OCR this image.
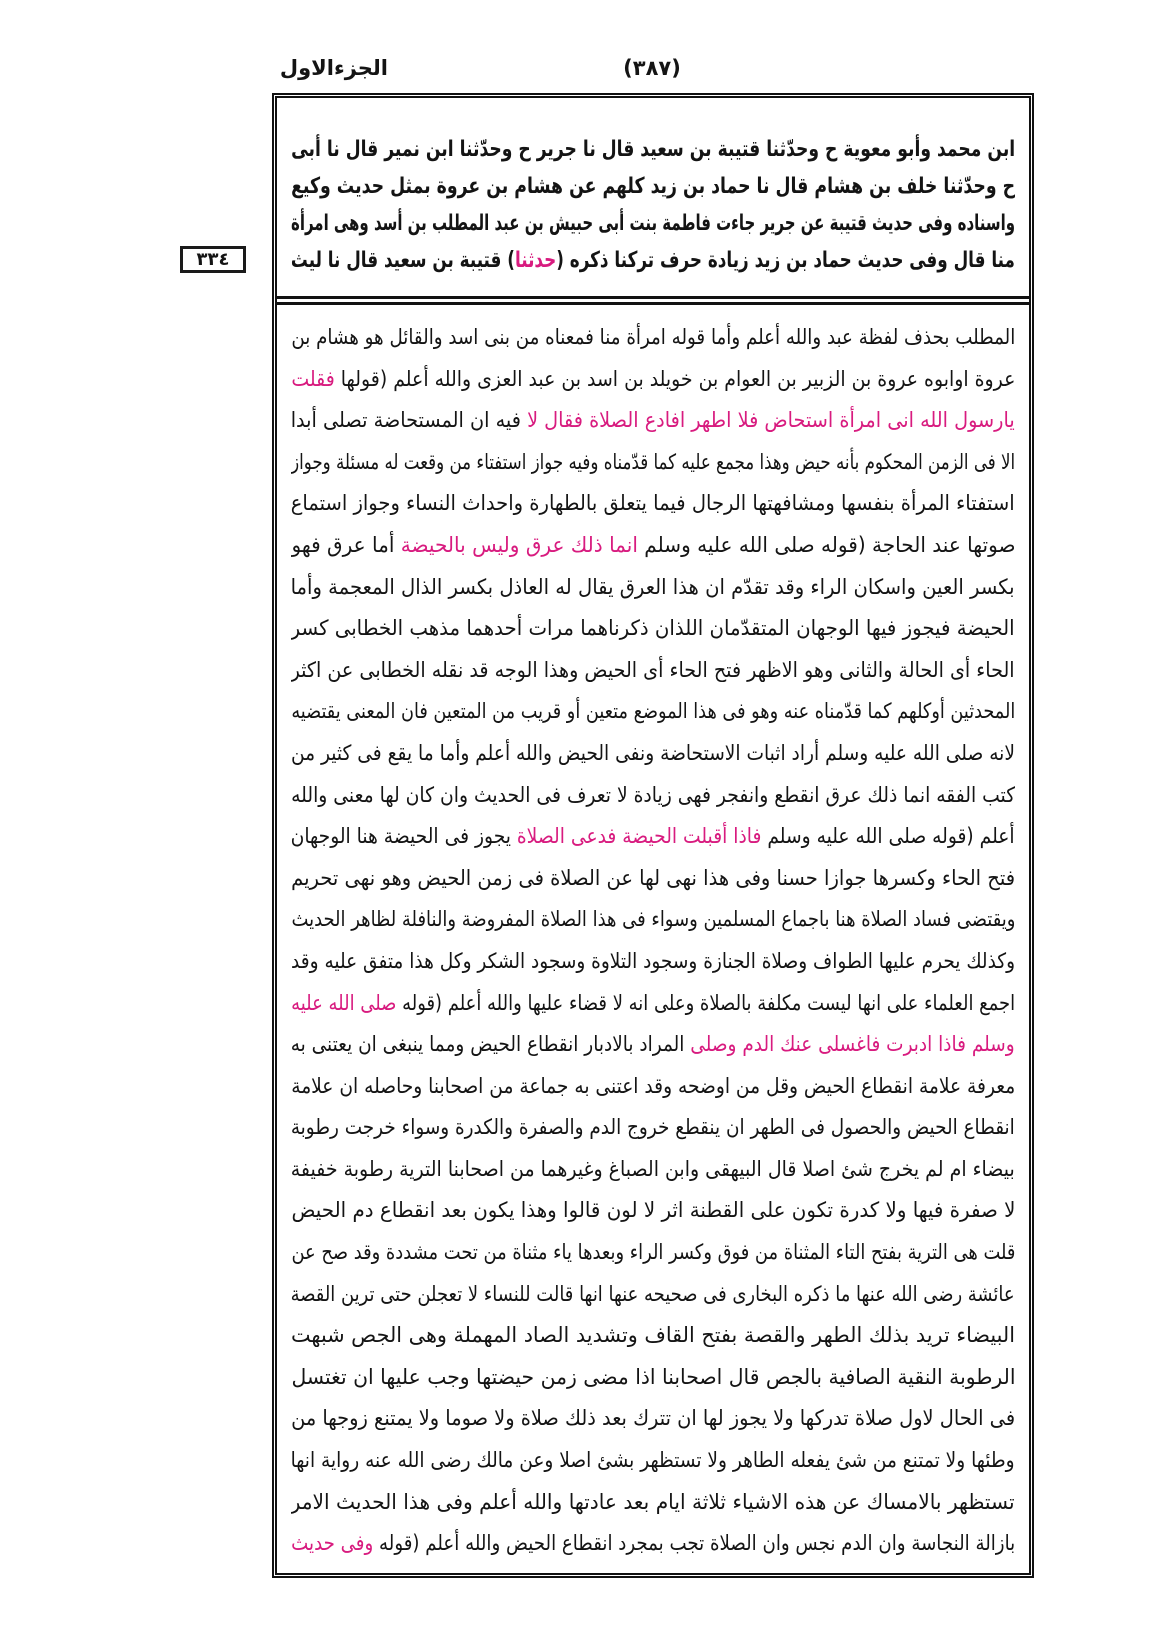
الجزءالاول	(٣٨٧)
٣٣٤
ابن محمد وأبو معوية ح وحدّثنا قتيبة بن سعيد قال نا جرير ح وحدّثنا ابن نمير قال نا أبى
ح وحدّثنا خلف بن هشام قال نا حماد بن زيد كلهم عن هشام بن عروة بمثل حديث وكيع
واسناده وفى حديث قتيبة عن جرير جاءت فاطمة بنت أبى حبيش بن عبد المطلب بن أسد وهى امرأة
منا قال وفى حديث حماد بن زيد زيادة حرف تركنا ذكره (حدثنا) قتيبة بن سعيد قال نا ليث
المطلب بحذف لفظة عبد والله أعلم وأما قوله امرأة منا فمعناه من بنى اسد والقائل هو هشام بن
عروة اوابوه عروة بن الزبير بن العوام بن خويلد بن اسد بن عبد العزى والله أعلم (قولها فقلت
يارسول الله انى امرأة استحاض فلا اطهر افادع الصلاة فقال لا فيه ان المستحاضة تصلى أبدا
الا فى الزمن المحكوم بأنه حيض وهذا مجمع عليه كما قدّمناه وفيه جواز استفتاء من وقعت له مسئلة وجواز
استفتاء المرأة بنفسها ومشافهتها الرجال فيما يتعلق بالطهارة واحداث النساء وجواز استماع
صوتها عند الحاجة (قوله صلى الله عليه وسلم انما ذلك عرق وليس بالحيضة أما عرق فهو
بكسر العين واسكان الراء وقد تقدّم ان هذا العرق يقال له العاذل بكسر الذال المعجمة وأما
الحيضة فيجوز فيها الوجهان المتقدّمان اللذان ذكرناهما مرات أحدهما مذهب الخطابى كسر
الحاء أى الحالة والثانى وهو الاظهر فتح الحاء أى الحيض وهذا الوجه قد نقله الخطابى عن اكثر
المحدثين أوكلهم كما قدّمناه عنه وهو فى هذا الموضع متعين أو قريب من المتعين فان المعنى يقتضيه
لانه صلى الله عليه وسلم أراد اثبات الاستحاضة ونفى الحيض والله أعلم وأما ما يقع فى كثير من
كتب الفقه انما ذلك عرق انقطع وانفجر فهى زيادة لا تعرف فى الحديث وان كان لها معنى والله
أعلم (قوله صلى الله عليه وسلم فاذا أقبلت الحيضة فدعى الصلاة يجوز فى الحيضة هنا الوجهان
فتح الحاء وكسرها جوازا حسنا وفى هذا نهى لها عن الصلاة فى زمن الحيض وهو نهى تحريم
ويقتضى فساد الصلاة هنا باجماع المسلمين وسواء فى هذا الصلاة المفروضة والنافلة لظاهر الحديث
وكذلك يحرم عليها الطواف وصلاة الجنازة وسجود التلاوة وسجود الشكر وكل هذا متفق عليه وقد
اجمع العلماء على انها ليست مكلفة بالصلاة وعلى انه لا قضاء عليها والله أعلم (قوله صلى الله عليه
وسلم فاذا ادبرت فاغسلى عنك الدم وصلى المراد بالادبار انقطاع الحيض ومما ينبغى ان يعتنى به
معرفة علامة انقطاع الحيض وقل من اوضحه وقد اعتنى به جماعة من اصحابنا وحاصله ان علامة
انقطاع الحيض والحصول فى الطهر ان ينقطع خروج الدم والصفرة والكدرة وسواء خرجت رطوبة
بيضاء ام لم يخرج شئ اصلا قال البيهقى وابن الصباغ وغيرهما من اصحابنا الترية رطوبة خفيفة
لا صفرة فيها ولا كدرة تكون على القطنة اثر لا لون قالوا وهذا يكون بعد انقطاع دم الحيض
قلت هى الترية بفتح التاء المثناة من فوق وكسر الراء وبعدها ياء مثناة من تحت مشددة وقد صح عن
عائشة رضى الله عنها ما ذكره البخارى فى صحيحه عنها انها قالت للنساء لا تعجلن حتى ترين القصة
البيضاء تريد بذلك الطهر والقصة بفتح القاف وتشديد الصاد المهملة وهى الجص شبهت
الرطوبة النقية الصافية بالجص قال اصحابنا اذا مضى زمن حيضتها وجب عليها ان تغتسل
فى الحال لاول صلاة تدركها ولا يجوز لها ان تترك بعد ذلك صلاة ولا صوما ولا يمتنع زوجها من
وطئها ولا تمتنع من شئ يفعله الطاهر ولا تستظهر بشئ اصلا وعن مالك رضى الله عنه رواية انها
تستظهر بالامساك عن هذه الاشياء ثلاثة ايام بعد عادتها والله أعلم وفى هذا الحديث الامر
بازالة النجاسة وان الدم نجس وان الصلاة تجب بمجرد انقطاع الحيض والله أعلم (قوله وفى حديث
